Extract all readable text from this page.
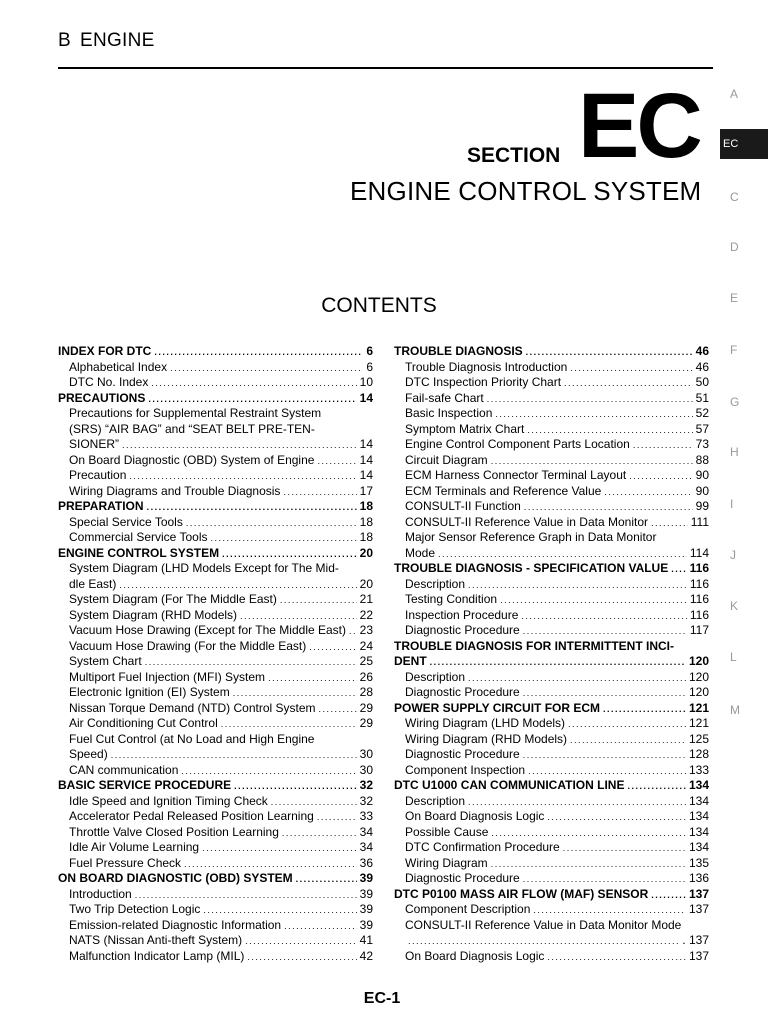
B ENGINE
SECTION EC
ENGINE CONTROL SYSTEM
CONTENTS
A
EC
C
D
E
F
G
H
I
J
K
L
M
INDEX FOR DTC .....	6
Alphabetical Index .....	6
DTC No. Index .....	10
PRECAUTIONS .....	14
Precautions for Supplemental Restraint System
(SRS) “AIR BAG” and “SEAT BELT PRE-TEN-
SIONER” .....	14
On Board Diagnostic (OBD) System of Engine .....	14
Precaution .....	14
Wiring Diagrams and Trouble Diagnosis .....	17
PREPARATION .....	18
Special Service Tools .....	18
Commercial Service Tools .....	18
ENGINE CONTROL SYSTEM .....	20
System Diagram (LHD Models Except for The Mid-
dle East) .....	20
System Diagram (For The Middle East) .....	21
System Diagram (RHD Models) .....	22
Vacuum Hose Drawing (Except for The Middle East) ..... 23
Vacuum Hose Drawing (For the Middle East) .....	24
System Chart .....	25
Multiport Fuel Injection (MFI) System .....	26
Electronic Ignition (EI) System .....	28
Nissan Torque Demand (NTD) Control System .....	29
Air Conditioning Cut Control .....	29
Fuel Cut Control (at No Load and High Engine
Speed) .....	30
CAN communication .....	30
BASIC SERVICE PROCEDURE .....	32
Idle Speed and Ignition Timing Check .....	32
Accelerator Pedal Released Position Learning .....	33
Throttle Valve Closed Position Learning .....	34
Idle Air Volume Learning .....	34
Fuel Pressure Check .....	36
ON BOARD DIAGNOSTIC (OBD) SYSTEM .....	39
Introduction .....	39
Two Trip Detection Logic .....	39
Emission-related Diagnostic Information .....	39
NATS (Nissan Anti-theft System) .....	41
Malfunction Indicator Lamp (MIL) .....	42
TROUBLE DIAGNOSIS .....	46
Trouble Diagnosis Introduction .....	46
DTC Inspection Priority Chart .....	50
Fail-safe Chart .....	51
Basic Inspection .....	52
Symptom Matrix Chart .....	57
Engine Control Component Parts Location .....	73
Circuit Diagram .....	88
ECM Harness Connector Terminal Layout .....	90
ECM Terminals and Reference Value .....	90
CONSULT-II Function .....	99
CONSULT-II Reference Value in Data Monitor .....	111
Major Sensor Reference Graph in Data Monitor
Mode .....	114
TROUBLE DIAGNOSIS - SPECIFICATION VALUE ..... 116
Description .....	116
Testing Condition .....	116
Inspection Procedure .....	116
Diagnostic Procedure .....	117
TROUBLE DIAGNOSIS FOR INTERMITTENT INCI-
DENT .....	120
Description .....	120
Diagnostic Procedure .....	120
POWER SUPPLY CIRCUIT FOR ECM .....	121
Wiring Diagram (LHD Models) .....	121
Wiring Diagram (RHD Models) .....	125
Diagnostic Procedure .....	128
Component Inspection .....	133
DTC U1000 CAN COMMUNICATION LINE .....	134
Description .....	134
On Board Diagnosis Logic .....	134
Possible Cause .....	134
DTC Confirmation Procedure .....	134
Wiring Diagram .....	135
Diagnostic Procedure .....	136
DTC P0100 MASS AIR FLOW (MAF) SENSOR .....	137
Component Description .....	137
CONSULT-II Reference Value in Data Monitor Mode
.....
. 137
On Board Diagnosis Logic .....	137
EC-1
